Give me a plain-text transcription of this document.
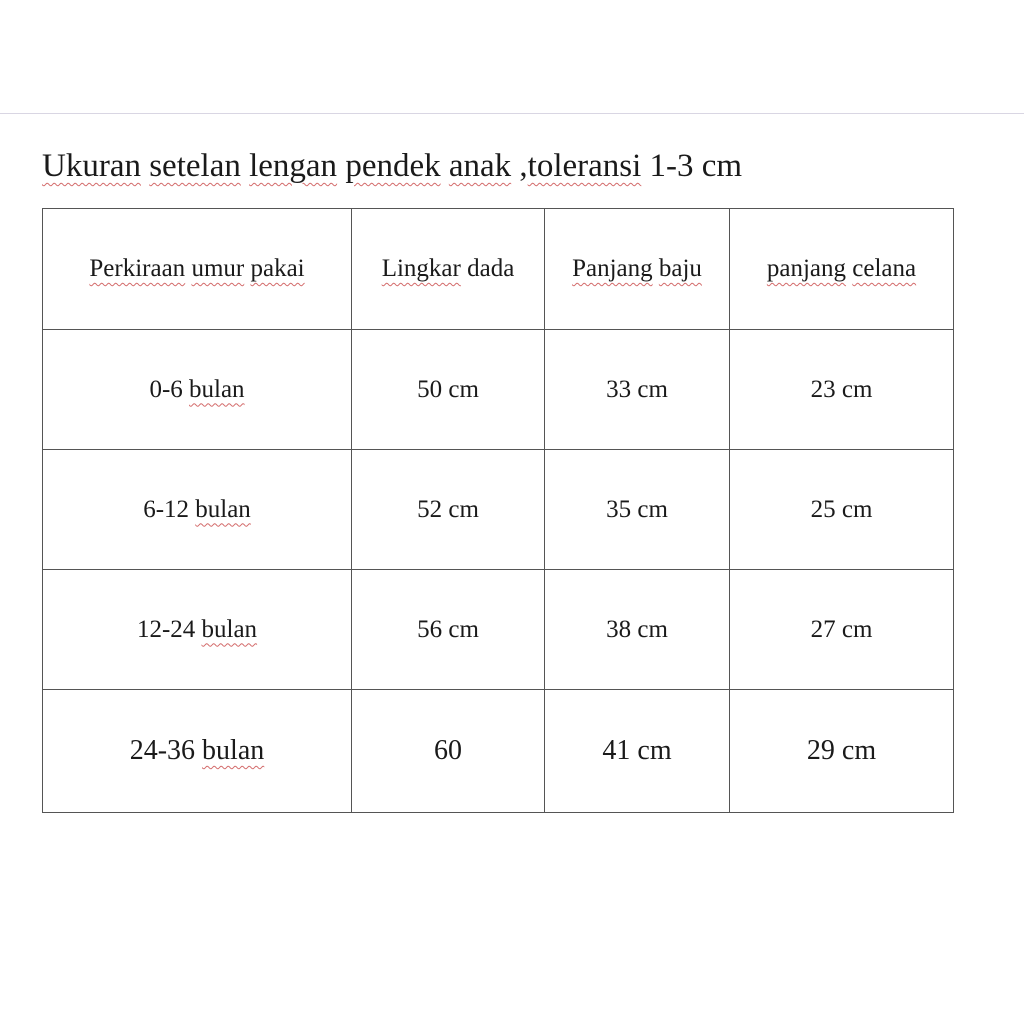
Ukuran setelan lengan pendek anak ,toleransi 1-3 cm
Perkiraan umur pakai	Lingkar dada	Panjang baju	panjang celana
0-6 bulan	50 cm	33 cm	23 cm
6-12 bulan	52 cm	35 cm	25 cm
12-24 bulan	56 cm	38 cm	27 cm
24-36 bulan	60	41 cm	29 cm
